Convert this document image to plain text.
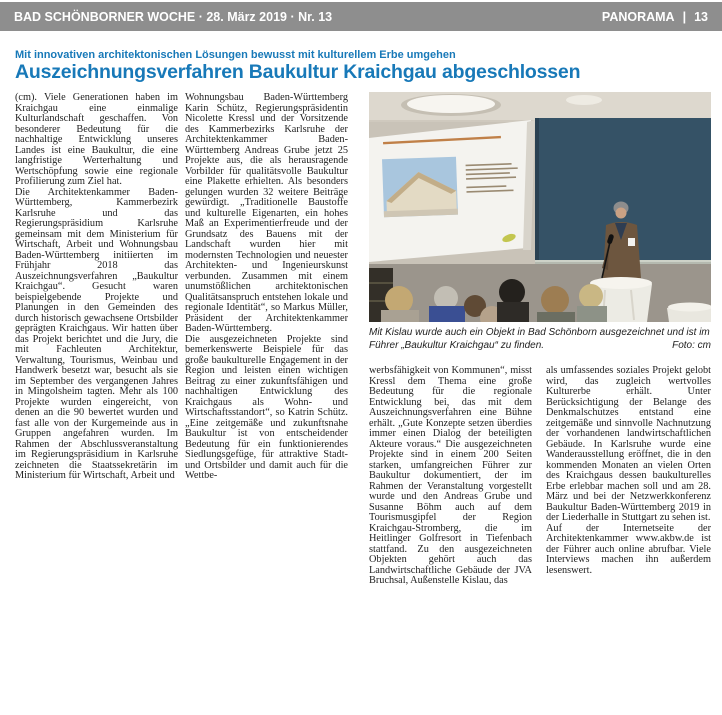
BAD SCHÖNBORNER WOCHE · 28. März 2019 · Nr. 13	PANORAMA | 13
Mit innovativen architektonischen Lösungen bewusst mit kulturellem Erbe umgehen
Auszeichnungsverfahren Baukultur Kraichgau abgeschlossen

(cm). Viele Generationen haben im Kraichgau eine einmalige Kulturlandschaft geschaffen. Von besonderer Bedeutung für die nachhaltige Entwicklung unseres Landes ist eine Baukultur, die eine langfristige Werterhaltung und Wertschöpfung sowie eine regionale Profilierung zum Ziel hat.

Die Architektenkammer Baden-Württemberg, Kammerbezirk Karlsruhe und das Regierungspräsidium Karlsruhe gemeinsam mit dem Ministerium für Wirtschaft, Arbeit und Wohnungsbau Baden-Württemberg initiierten im Frühjahr 2018 das Auszeichnungsverfahren „Baukultur Kraichgau“. Gesucht waren beispielgebende Projekte und Planungen in den Gemeinden des durch historisch gewachsene Ortsbilder geprägten Kraichgaus. Wir hatten über das Projekt berichtet und die Jury, die mit Fachleuten Architektur, Verwaltung, Tourismus, Weinbau und Handwerk besetzt war, besucht als sie im September des vergangenen Jahres in Mingolsheim tagten. Mehr als 100 Projekte wurden eingereicht, von denen an die 90 bewertet wurden und fast alle von der Kurgemeinde aus in Gruppen angefahren wurden. Im Rahmen der Abschlussveranstaltung im Regierungspräsidium in Karlsruhe zeichneten die Staatssekretärin im Ministerium für Wirtschaft, Arbeit und

Wohnungsbau Baden-Württemberg Karin Schütz, Regierungspräsidentin Nicolette Kressl und der Vorsitzende des Kammerbezirks Karlsruhe der Architektenkammer Baden-Württemberg Andreas Grube jetzt 25 Projekte aus, die als herausragende Vorbilder für qualitätsvolle Baukultur eine Plakette erhielten. Als besonders gelungen wurden 32 weitere Beiträge gewürdigt. „Traditionelle Baustoffe und kulturelle Eigenarten, ein hohes Maß an Experimentierfreude und der Grundsatz des Bauens mit der Landschaft wurden hier mit modernsten Technologien und neuester Architekten- und Ingenieurskunst verbunden. Zusammen mit einem unumstößlichen architektonischen Qualitätsanspruch entstehen lokale und regionale Identität“, so Markus Müller, Präsident der Architektenkammer Baden-Württemberg.

Die ausgezeichneten Projekte sind bemerkenswerte Beispiele für das große baukulturelle Engagement in der Region und leisten einen wichtigen Beitrag zu einer zukunftsfähigen und nachhaltigen Entwicklung des Kraichgaus als Wohn- und Wirtschaftsstandort“, so Katrin Schütz. „Eine zeitgemäße und zukunftsnahe Baukultur ist von entscheidender Bedeutung für ein funktionierendes Siedlungsgefüge, für attraktive Stadt- und Ortsbilder und damit auch für die Wettbe-

Mit Kislau wurde auch ein Objekt in Bad Schönborn ausgezeichnet und ist im Führer „Baukultur Kraichgau“ zu finden.	Foto: cm

werbsfähigkeit von Kommunen“, misst Kressl dem Thema eine große Bedeutung für die regionale Entwicklung bei, das mit dem Auszeichnungsverfahren eine Bühne erhält. „Gute Konzepte setzen überdies immer einen Dialog der beteiligten Akteure voraus.“ Die ausgezeichneten Projekte sind in einem 200 Seiten starken, umfangreichen Führer zur Baukultur dokumentiert, der im Rahmen der Veranstaltung vorgestellt wurde und den Andreas Grube und Susanne Böhm auch auf dem Tourismusgipfel der Region Kraichgau-Stromberg, die im Heitlinger Golfresort in Tiefenbach stattfand. Zu den ausgezeichneten Objekten gehört auch das Landwirtschaftliche Gebäude der JVA Bruchsal, Außenstelle Kislau, das

als umfassendes soziales Projekt gelobt wird, das zugleich wertvolles Kulturerbe erhält. Unter Berücksichtigung der Belange des Denkmalschutzes entstand eine zeitgemäße und sinnvolle Nachnutzung der vorhandenen landwirtschaftlichen Gebäude. In Karlsruhe wurde eine Wanderausstellung eröffnet, die in den kommenden Monaten an vielen Orten des Kraichgaus dessen baukulturelles Erbe erlebbar machen soll und am 28. März und bei der Netzwerkkonferenz Baukultur Baden-Württemberg 2019 in der Liederhalle in Stuttgart zu sehen ist.

Auf der Internetseite der Architektenkammer www.akbw.de ist der Führer auch online abrufbar. Viele Interviews machen ihn außerdem lesenswert.
